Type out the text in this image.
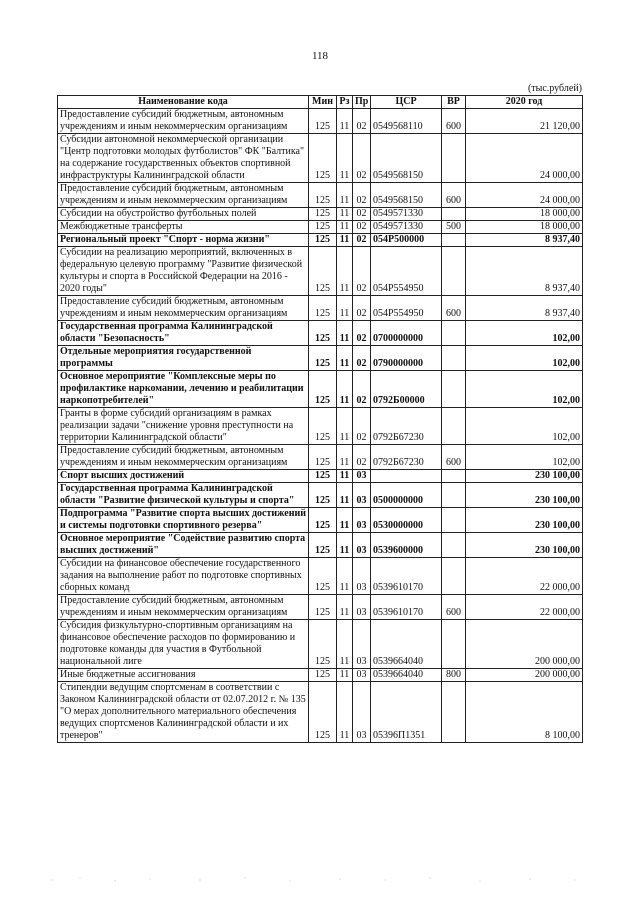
118
(тыс.рублей)
Наименование кода	Мин	Рз	Пр	ЦСР	ВР	2020 год
Предоставление субсидий бюджетным, автономным учреждениям и иным некоммерческим организациям	125	11	02	0549568110	600	21 120,00
Субсидии автономной некоммерческой организации "Центр подготовки молодых футболистов" ФК "Балтика" на содержание государственных объектов спортивной инфраструктуры Калининградской области	125	11	02	0549568150		24 000,00
Предоставление субсидий бюджетным, автономным учреждениям и иным некоммерческим организациям	125	11	02	0549568150	600	24 000,00
Субсидии на обустройство футбольных полей	125	11	02	0549571330		18 000,00
Межбюджетные трансферты	125	11	02	0549571330	500	18 000,00
Региональный проект "Спорт - норма жизни"	125	11	02	054P500000		8 937,40
Субсидии на реализацию мероприятий, включенных в федеральную целевую программу "Развитие физической культуры и спорта в Российской Федерации на 2016 - 2020 годы"	125	11	02	054P554950		8 937,40
Предоставление субсидий бюджетным, автономным учреждениям и иным некоммерческим организациям	125	11	02	054P554950	600	8 937,40
Государственная программа Калининградской области "Безопасность"	125	11	02	0700000000		102,00
Отдельные мероприятия государственной программы	125	11	02	0790000000		102,00
Основное мероприятие "Комплексные меры по профилактике наркомании, лечению и реабилитации наркопотребителей"	125	11	02	0792Б00000		102,00
Гранты в форме субсидий организациям в рамках реализации задачи "снижение уровня преступности на территории Калининградской области"	125	11	02	0792Б67230		102,00
Предоставление субсидий бюджетным, автономным учреждениям и иным некоммерческим организациям	125	11	02	0792Б67230	600	102,00
Спорт высших достижений	125	11	03			230 100,00
Государственная программа Калининградской области "Развитие физической культуры и спорта"	125	11	03	0500000000		230 100,00
Подпрограмма "Развитие спорта высших достижений и системы подготовки спортивного резерва"	125	11	03	0530000000		230 100,00
Основное мероприятие "Содействие развитию спорта высших достижений"	125	11	03	0539600000		230 100,00
Субсидии на финансовое обеспечение государственного задания на выполнение работ по подготовке спортивных сборных команд	125	11	03	0539610170		22 000,00
Предоставление субсидий бюджетным, автономным учреждениям и иным некоммерческим организациям	125	11	03	0539610170	600	22 000,00
Субсидия физкультурно-спортивным организациям на финансовое обеспечение расходов по формированию и подготовке команды для участия в Футбольной национальной лиге	125	11	03	0539664040		200 000,00
Иные бюджетные ассигнования	125	11	03	0539664040	800	200 000,00
Стипендии ведущим спортсменам в соответствии с Законом Калининградской области от 02.07.2012 г. № 135 "О мерах дополнительного материального обеспечения ведущих спортсменов Калининградской области и их тренеров"	125	11	03	05396П1351		8 100,00
